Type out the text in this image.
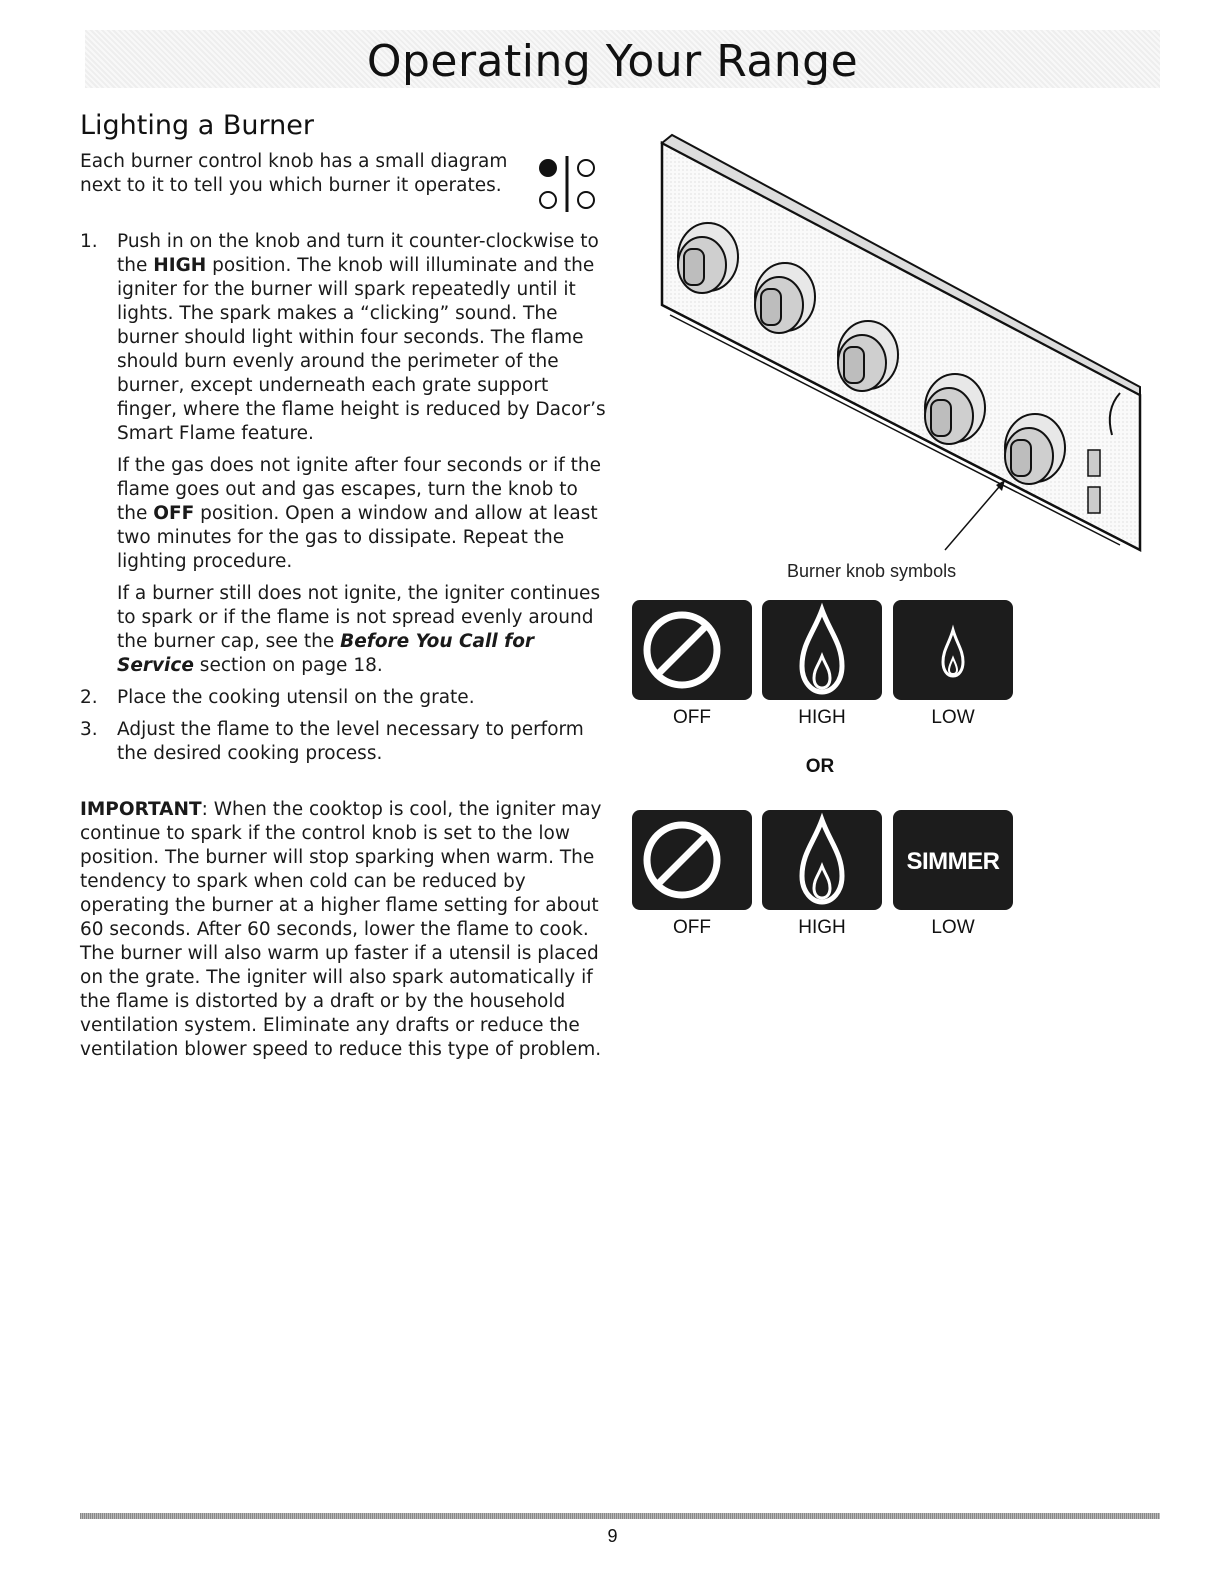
Operating Your Range
Lighting a Burner
Each burner control knob has a small diagram next to it to tell you which burner it operates.
1. Push in on the knob and turn it counter-clockwise to the HIGH position. The knob will illuminate and the igniter for the burner will spark repeatedly until it lights. The spark makes a “clicking” sound. The burner should light within four seconds. The flame should burn evenly around the perimeter of the burner, except underneath each grate support finger, where the flame height is reduced by Dacor’s Smart Flame feature.

If the gas does not ignite after four seconds or if the flame goes out and gas escapes, turn the knob to the OFF position. Open a window and allow at least two minutes for the gas to dissipate. Repeat the lighting procedure.

If a burner still does not ignite, the igniter continues to spark or if the flame is not spread evenly around the burner cap, see the Before You Call for Service section on page 18.

2. Place the cooking utensil on the grate.

3. Adjust the flame to the level necessary to perform the desired cooking process.

IMPORTANT: When the cooktop is cool, the igniter may continue to spark if the control knob is set to the low position. The burner will stop sparking when warm. The tendency to spark when cold can be reduced by operating the burner at a higher flame setting for about 60 seconds. After 60 seconds, lower the flame to cook. The burner will also warm up faster if a utensil is placed on the grate. The igniter will also spark automatically if the flame is distorted by a draft or by the household ventilation system. Eliminate any drafts or reduce the ventilation blower speed to reduce this type of problem.

Burner knob symbols
OFF	HIGH	LOW
OR
SIMMER
OFF	HIGH	LOW
9
